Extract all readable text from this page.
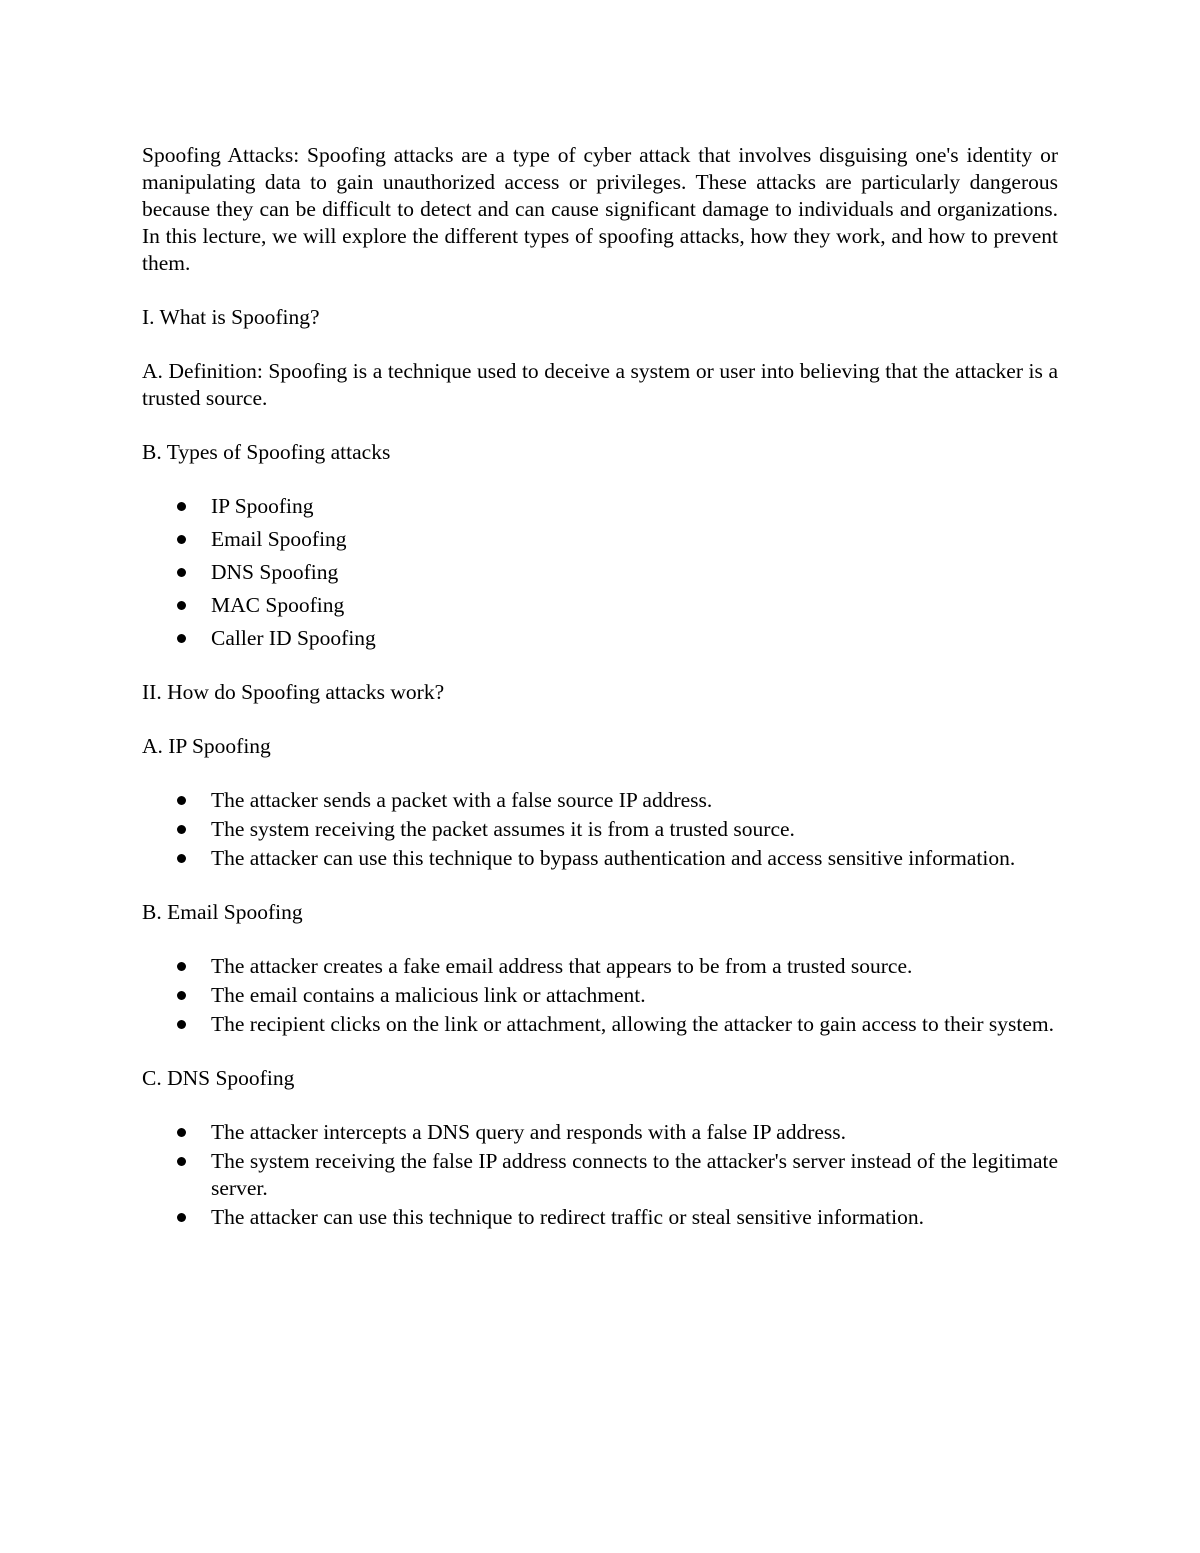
Spoofing Attacks: Spoofing attacks are a type of cyber attack that involves disguising one's identity or manipulating data to gain unauthorized access or privileges. These attacks are particularly dangerous because they can be difficult to detect and can cause significant damage to individuals and organizations. In this lecture, we will explore the different types of spoofing attacks, how they work, and how to prevent them.

I. What is Spoofing?

A. Definition: Spoofing is a technique used to deceive a system or user into believing that the attacker is a trusted source.

B. Types of Spoofing attacks

IP Spoofing
Email Spoofing
DNS Spoofing
MAC Spoofing
Caller ID Spoofing

II. How do Spoofing attacks work?

A. IP Spoofing

The attacker sends a packet with a false source IP address.
The system receiving the packet assumes it is from a trusted source.
The attacker can use this technique to bypass authentication and access sensitive information.

B. Email Spoofing

The attacker creates a fake email address that appears to be from a trusted source.
The email contains a malicious link or attachment.
The recipient clicks on the link or attachment, allowing the attacker to gain access to their system.

C. DNS Spoofing

The attacker intercepts a DNS query and responds with a false IP address.
The system receiving the false IP address connects to the attacker's server instead of the legitimate server.
The attacker can use this technique to redirect traffic or steal sensitive information.
